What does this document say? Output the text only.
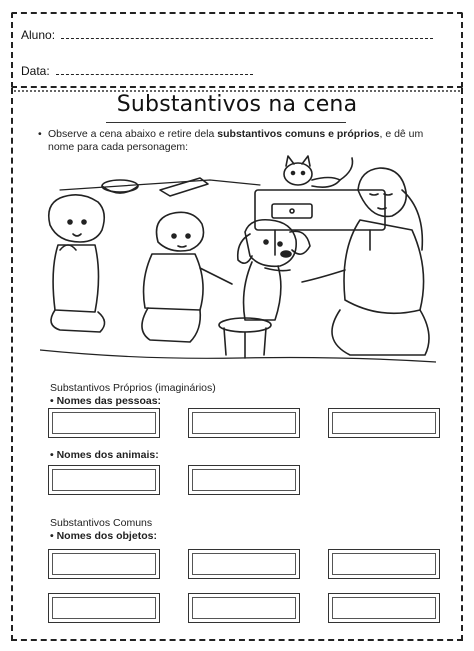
Aluno:
Data:
Substantivos na cena
• Observe a cena abaixo e retire dela substantivos comuns e próprios, e dê um nome para cada personagem:
Substantivos Próprios (imaginários)
• Nomes das pessoas:
• Nomes dos animais:
Substantivos Comuns
• Nomes dos objetos:
